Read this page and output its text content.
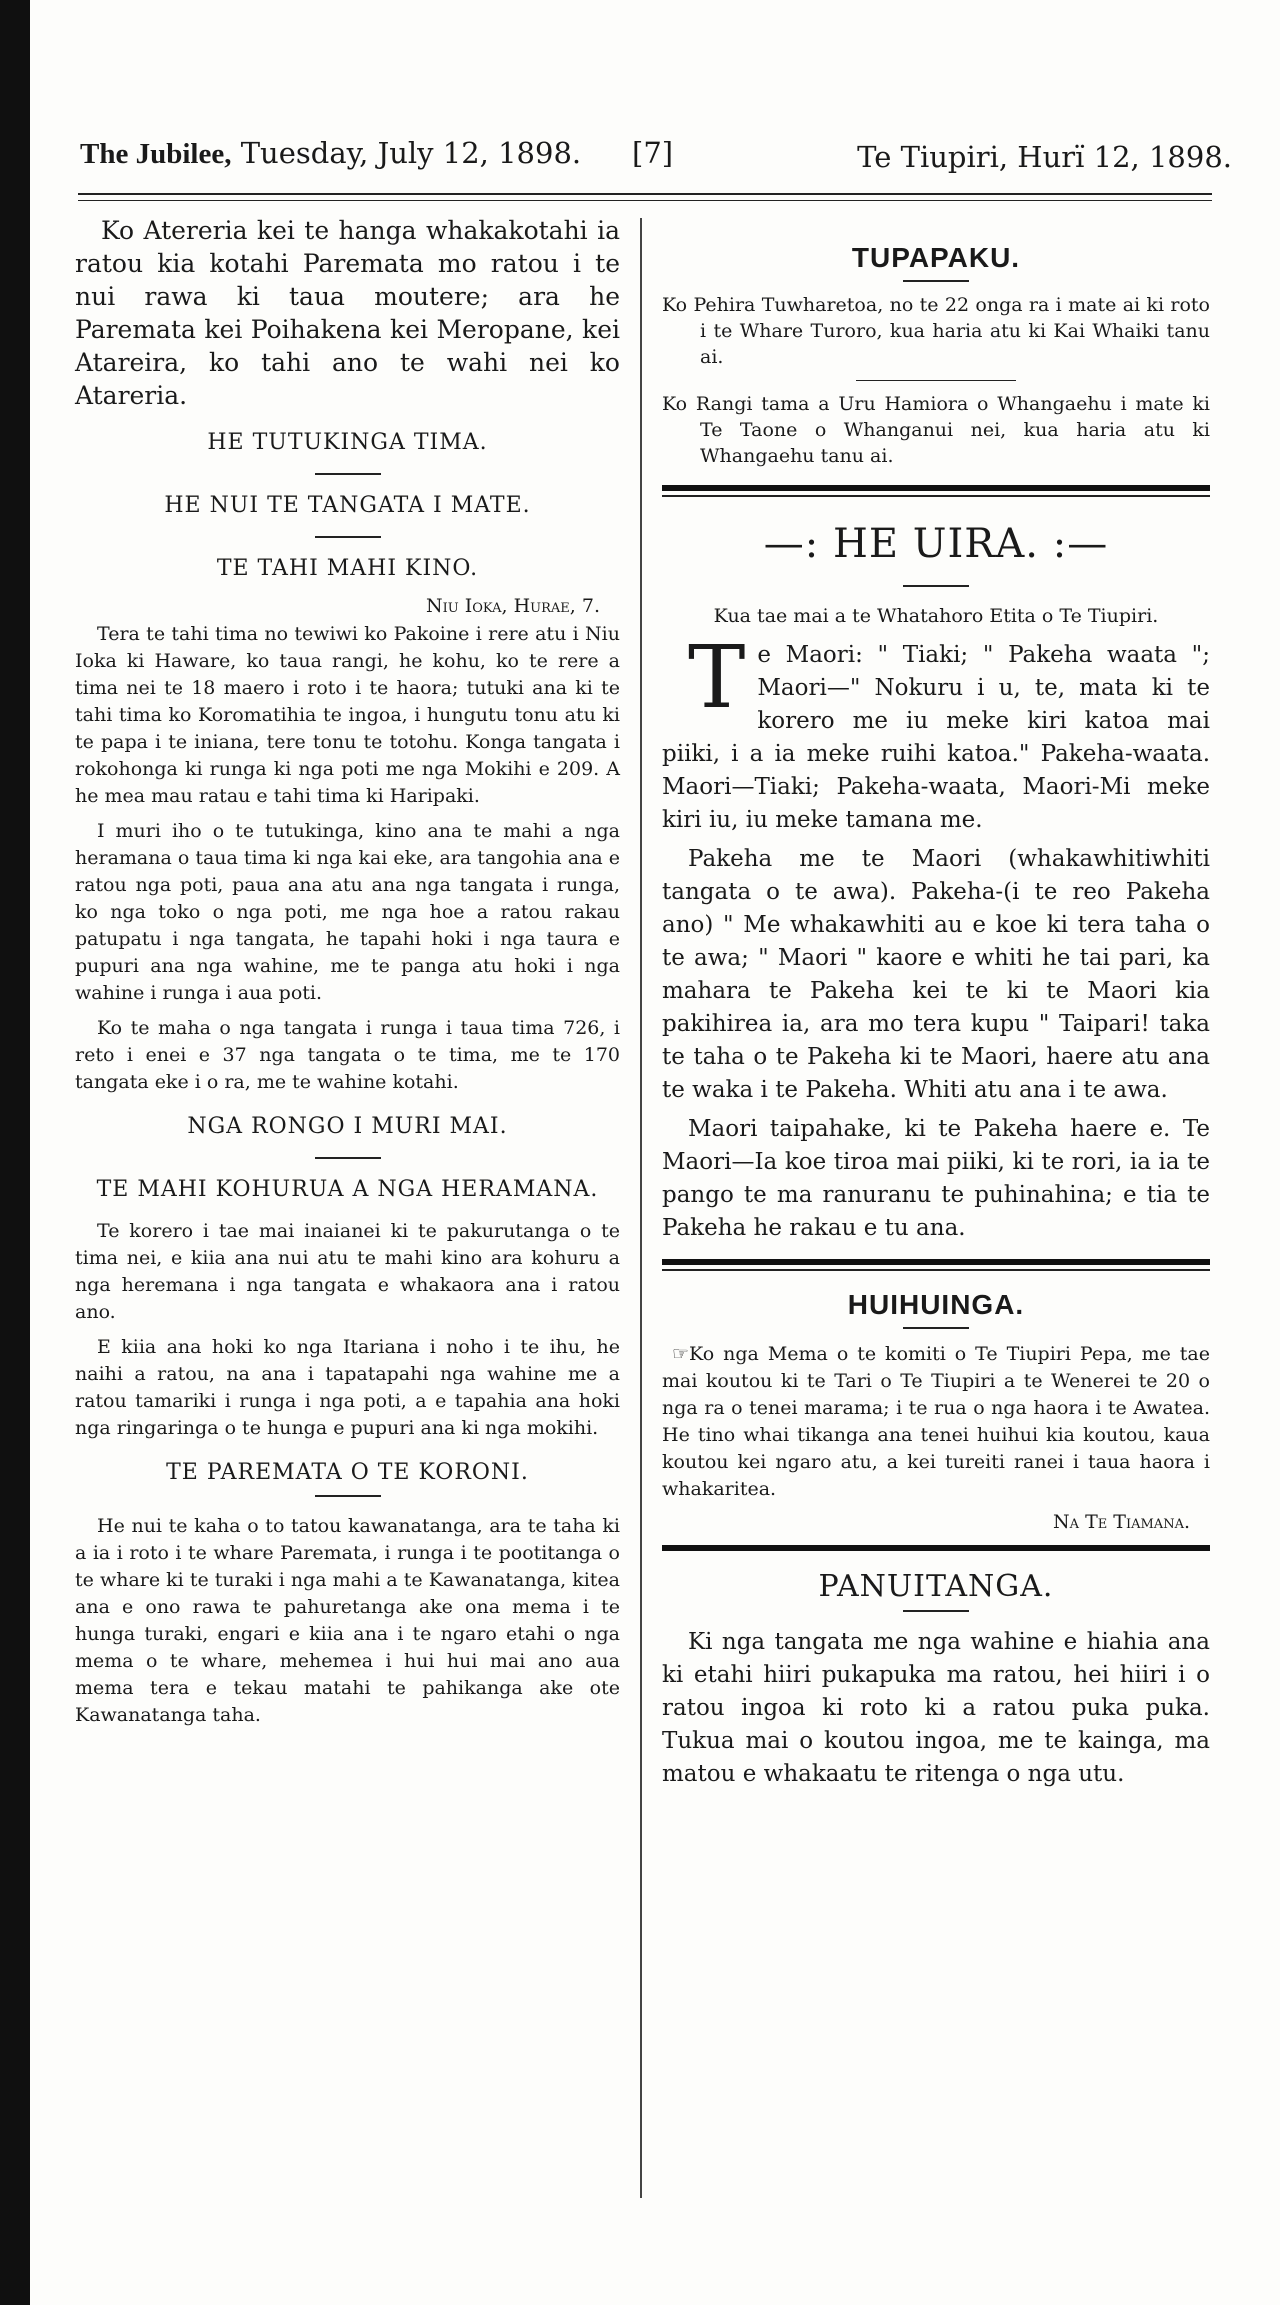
The Jubilee, Tuesday, July 12, 1898. [7]	Te Tiupiri, Hurï 12, 1898.

Ko Atereria kei te hanga whakakotahi ia ratou kia kotahi Paremata mo ratou i te nui rawa ki taua moutere; ara he Paremata kei Poihakena kei Meropane, kei Atareira, ko tahi ano te wahi nei ko Atareria.

HE TUTUKINGA TIMA.
HE NUI TE TANGATA I MATE.
TE TAHI MAHI KINO.
Niu Ioka, Hurae, 7.

Tera te tahi tima no tewiwi ko Pakoine i rere atu i Niu Ioka ki Haware, ko taua rangi, he kohu, ko te rere a tima nei te 18 maero i roto i te haora; tutuki ana ki te tahi tima ko Koromatihia te ingoa, i hungutu tonu atu ki te papa i te iniana, tere tonu te totohu. Konga tangata i rokohonga ki runga ki nga poti me nga Mokihi e 209. A he mea mau ratau e tahi tima ki Haripaki.

I muri iho o te tutukinga, kino ana te mahi a nga heramana o taua tima ki nga kai eke, ara tangohia ana e ratou nga poti, paua ana atu ana nga tangata i runga, ko nga toko o nga poti, me nga hoe a ratou rakau patupatu i nga tangata, he tapahi hoki i nga taura e pupuri ana nga wahine, me te panga atu hoki i nga wahine i runga i aua poti.

Ko te maha o nga tangata i runga i taua tima 726, i reto i enei e 37 nga tangata o te tima, me te 170 tangata eke i o ra, me te wahine kotahi.

NGA RONGO I MURI MAI.
TE MAHI KOHURUA A NGA HERAMANA.

Te korero i tae mai inaianei ki te pakurutanga o te tima nei, e kiia ana nui atu te mahi kino ara kohuru a nga heremana i nga tangata e whakaora ana i ratou ano.

E kiia ana hoki ko nga Itariana i noho i te ihu, he naihi a ratou, na ana i tapatapahi nga wahine me a ratou tamariki i runga i nga poti, a e tapahia ana hoki nga ringaringa o te hunga e pupuri ana ki nga mokihi.

TE PAREMATA O TE KORONI.

He nui te kaha o to tatou kawanatanga, ara te taha ki a ia i roto i te whare Paremata, i runga i te pootitanga o te whare ki te turaki i nga mahi a te Kawanatanga, kitea ana e ono rawa te pahuretanga ake ona mema i te hunga turaki, engari e kiia ana i te ngaro etahi o nga mema o te whare, mehemea i hui hui mai ano aua mema tera e tekau matahi te pahikanga ake ote Kawanatanga taha.

TUPAPAKU.
Ko Pehira Tuwharetoa, no te 22 onga ra i mate ai ki roto i te Whare Turoro, kua haria atu ki Kai Whaiki tanu ai.
Ko Rangi tama a Uru Hamiora o Whangaehu i mate ki Te Taone o Whanganui nei, kua haria atu ki Whangaehu tanu ai.
—: HE UIRA. :—
Kua tae mai a te Whatahoro Etita o Te Tiupiri.
Te Maori: " Tiaki; " Pakeha waata "; Maori—" Nokuru i u, te, mata ki te korero me iu meke kiri katoa mai piiki, i a ia meke ruihi katoa." Pakeha-waata. Maori—Tiaki; Pakeha-waata, Maori-Mi meke kiri iu, iu meke tamana me.

Pakeha me te Maori (whakawhitiwhiti tangata o te awa). Pakeha-(i te reo Pakeha ano) " Me whakawhiti au e koe ki tera taha o te awa; " Maori " kaore e whiti he tai pari, ka mahara te Pakeha kei te ki te Maori kia pakihirea ia, ara mo tera kupu " Taipari! taka te taha o te Pakeha ki te Maori, haere atu ana te waka i te Pakeha. Whiti atu ana i te awa.

Maori taipahake, ki te Pakeha haere e. Te Maori—Ia koe tiroa mai piiki, ki te rori, ia ia te pango te ma ranuranu te puhinahina; e tia te Pakeha he rakau e tu ana.

HUIHUINGA.

☞Ko nga Mema o te komiti o Te Tiupiri Pepa, me tae mai koutou ki te Tari o Te Tiupiri a te Wenerei te 20 o nga ra o tenei marama; i te rua o nga haora i te Awatea. He tino whai tikanga ana tenei huihui kia koutou, kaua koutou kei ngaro atu, a kei tureiti ranei i taua haora i whakaritea.

Na Te Tiamana.
PANUITANGA.

Ki nga tangata me nga wahine e hiahia ana ki etahi hiiri pukapuka ma ratou, hei hiiri i o ratou ingoa ki roto ki a ratou puka puka. Tukua mai o koutou ingoa, me te kainga, ma matou e whakaatu te ritenga o nga utu.
